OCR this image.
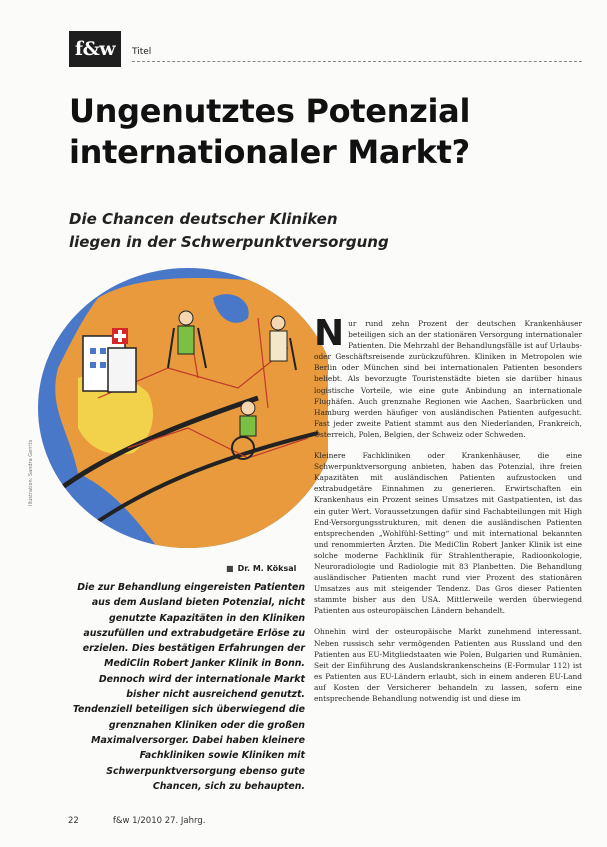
f&w	Titel
Ungenutztes Potenzial
internationaler Markt?
Die Chancen deutscher Kliniken
liegen in der Schwerpunktversorgung
Illustration: Sandra Gerrits
■ Dr. M. Köksal
Die zur Behandlung eingereisten Patienten aus dem Ausland bieten Potenzial, nicht genutzte Kapazitäten in den Kliniken auszufüllen und extrabudgetäre Erlöse zu erzielen. Dies bestätigen Erfahrungen der MediClin Robert Janker Klinik in Bonn. Dennoch wird der internationale Markt bisher nicht ausreichend genutzt. Tendenziell beteiligen sich überwiegend die grenznahen Kliniken oder die großen Maximalversorger. Dabei haben kleinere Fachkliniken sowie Kliniken mit Schwerpunktversorgung ebenso gute Chancen, sich zu behaupten.

Nur rund zehn Prozent der deutschen Krankenhäuser beteiligen sich an der stationären Versorgung internationaler Patienten. Die Mehrzahl der Behandlungsfälle ist auf Urlaubs- oder Geschäftsreisende zurückzuführen. Kliniken in Metropolen wie Berlin oder München sind bei internationalen Patienten besonders beliebt. Als bevorzugte Touristenstädte bieten sie darüber hinaus logistische Vorteile, wie eine gute Anbindung an internationale Flughäfen. Auch grenznahe Regionen wie Aachen, Saarbrücken und Hamburg werden häufiger von ausländischen Patienten aufgesucht. Fast jeder zweite Patient stammt aus den Niederlanden, Frankreich, Österreich, Polen, Belgien, der Schweiz oder Schweden.

Kleinere Fachkliniken oder Krankenhäuser, die eine Schwerpunktversorgung anbieten, haben das Potenzial, ihre freien Kapazitäten mit ausländischen Patienten aufzustocken und extrabudgetäre Einnahmen zu generieren. Erwirtschaften ein Krankenhaus ein Prozent seines Umsatzes mit Gastpatienten, ist das ein guter Wert. Voraussetzungen dafür sind Fachabteilungen mit High End-Versorgungsstrukturen, mit denen die ausländischen Patienten entsprechenden „Wohlfühl-Setting“ und mit international bekannten und renommierten Ärzten. Die MediClin Robert Janker Klinik ist eine solche moderne Fachklinik für Strahlentherapie, Radioonkologie, Neuroradiologie und Radiologie mit 83 Planbetten. Die Behandlung ausländischer Patienten macht rund vier Prozent des stationären Umsatzes aus mit steigender Tendenz. Das Gros dieser Patienten stammte bisher aus den USA. Mittlerweile werden überwiegend Patienten aus osteuropäischen Ländern behandelt.

Ohnehin wird der osteuropäische Markt zunehmend interessant. Neben russisch sehr vermögenden Patienten aus Russland und den Patienten aus EU-Mitgliedstaaten wie Polen, Bulgarien und Rumänien. Seit der Einführung des Auslandskrankenscheins (E-Formular 112) ist es Patienten aus EU-Ländern erlaubt, sich in einem anderen EU-Land auf Kosten der Versicherer behandeln zu lassen, sofern eine entsprechende Behandlung notwendig ist und diese im

22	f&w 1/2010 27. Jahrg.
